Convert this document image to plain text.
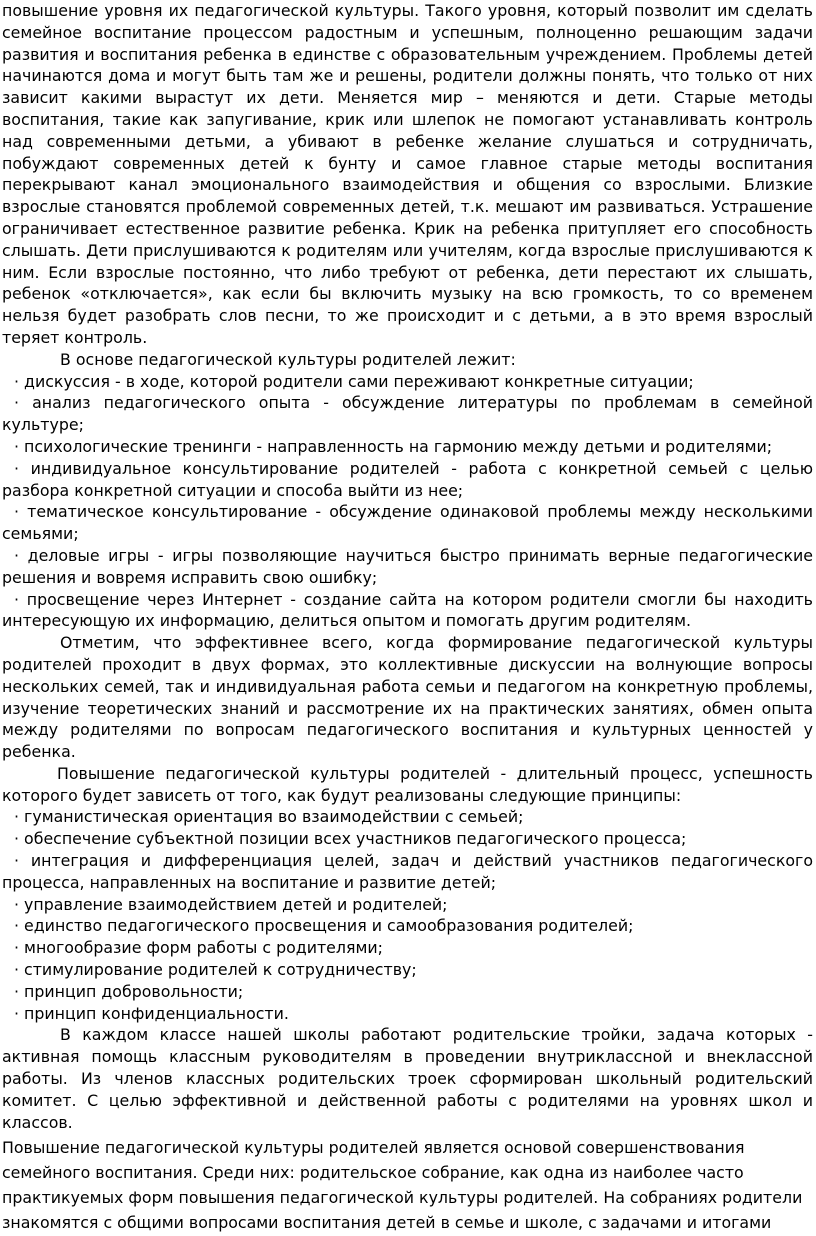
повышение уровня их педагогической культуры. Такого уровня, который позволит им сделать семейное воспитание процессом радостным и успешным, полноценно решающим задачи развития и воспитания ребенка в единстве с образовательным учреждением. Проблемы детей начинаются дома и могут быть там же и решены, родители должны понять, что только от них зависит какими вырастут их дети. Меняется мир – меняются и дети. Старые методы воспитания, такие как запугивание, крик или шлепок не помогают устанавливать контроль над современными детьми, а убивают в ребенке желание слушаться и сотрудничать, побуждают современных детей к бунту и самое главное старые методы воспитания перекрывают канал эмоционального взаимодействия и общения со взрослыми. Близкие взрослые становятся проблемой современных детей, т.к. мешают им развиваться. Устрашение ограничивает естественное развитие ребенка. Крик на ребенка притупляет его способность слышать. Дети прислушиваются к родителям или учителям, когда взрослые прислушиваются к ним. Если взрослые постоянно, что либо требуют от ребенка, дети перестают их слышать, ребенок «отключается», как если бы включить музыку на всю громкость, то со временем нельзя будет разобрать слов песни, то же происходит и с детьми, а в это время взрослый теряет контроль.

В основе педагогической культуры родителей лежит:

· дискуссия - в ходе, которой родители сами переживают конкретные ситуации;

· анализ педагогического опыта - обсуждение литературы по проблемам в семейной культуре;

· психологические тренинги - направленность на гармонию между детьми и родителями;

· индивидуальное консультирование родителей - работа с конкретной семьей с целью разбора конкретной ситуации и способа выйти из нее;

· тематическое консультирование - обсуждение одинаковой проблемы между несколькими семьями;

· деловые игры - игры позволяющие научиться быстро принимать верные педагогические решения и вовремя исправить свою ошибку;

· просвещение через Интернет - создание сайта на котором родители смогли бы находить интересующую их информацию, делиться опытом и помогать другим родителям.

Отметим, что эффективнее всего, когда формирование педагогической культуры родителей проходит в двух формах, это коллективные дискуссии на волнующие вопросы нескольких семей, так и индивидуальная работа семьи и педагогом на конкретную проблемы, изучение теоретических знаний и рассмотрение их на практических занятиях, обмен опыта между родителями по вопросам педагогического воспитания и культурных ценностей у ребенка.

Повышение педагогической культуры родителей - длительный процесс, успешность которого будет зависеть от того, как будут реализованы следующие принципы:

· гуманистическая ориентация во взаимодействии с семьей;

· обеспечение субъектной позиции всех участников педагогического процесса;

· интеграция и дифференциация целей, задач и действий участников педагогического процесса, направленных на воспитание и развитие детей;

· управление взаимодействием детей и родителей;

· единство педагогического просвещения и самообразования родителей;

· многообразие форм работы с родителями;

· стимулирование родителей к сотрудничеству;

· принцип добровольности;

· принцип конфиденциальности.

В каждом классе нашей школы работают родительские тройки, задача которых - активная помощь классным руководителям в проведении внутриклассной и внеклассной работы. Из членов классных родительских троек сформирован школьный родительский комитет. С целью эффективной и действенной работы с родителями на уровнях школ и классов.

Повышение педагогической культуры родителей является основой совершенствования семейного воспитания. Среди них: родительское собрание, как одна из наиболее часто практикуемых форм повышения педагогической культуры родителей. На собраниях родители знакомятся с общими вопросами воспитания детей в семье и школе, с задачами и итогами
